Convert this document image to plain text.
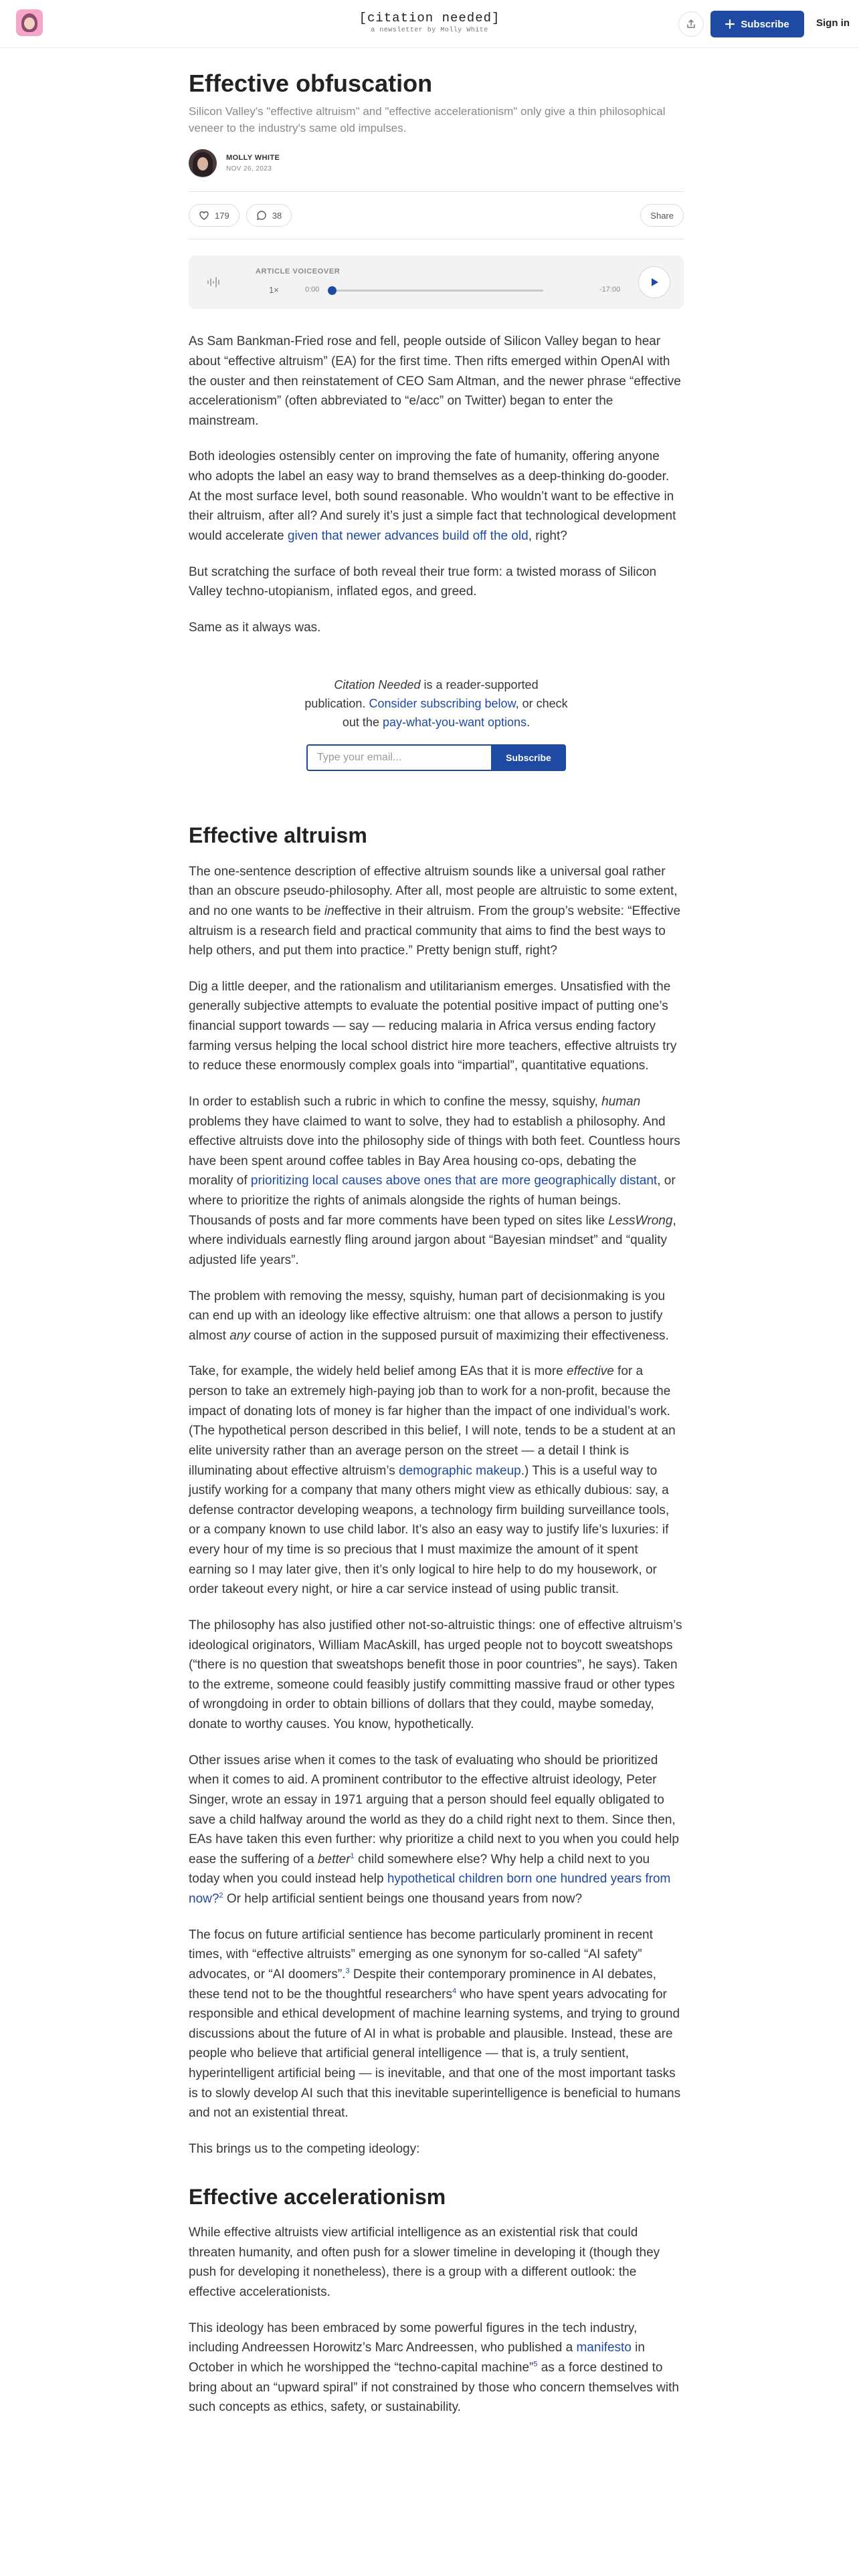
[citation needed]
a newsletter by Molly White
Subscribe	Sign in
Effective obfuscation
Silicon Valley's "effective altruism" and "effective accelerationism" only give a thin philosophical veneer to the industry's same old impulses.
MOLLY WHITE
NOV 26, 2023
179	38	Share
ARTICLE VOICEOVER
1×	0:00	-17:00
As Sam Bankman-Fried rose and fell, people outside of Silicon Valley began to hear about “effective altruism” (EA) for the first time. Then rifts emerged within OpenAI with the ouster and then reinstatement of CEO Sam Altman, and the newer phrase “effective accelerationism” (often abbreviated to “e/acc” on Twitter) began to enter the mainstream.
Both ideologies ostensibly center on improving the fate of humanity, offering anyone who adopts the label an easy way to brand themselves as a deep-thinking do-gooder. At the most surface level, both sound reasonable. Who wouldn’t want to be effective in their altruism, after all? And surely it’s just a simple fact that technological development would accelerate given that newer advances build off the old, right?
But scratching the surface of both reveal their true form: a twisted morass of Silicon Valley techno-utopianism, inflated egos, and greed.
Same as it always was.
Citation Needed is a reader-supported publication. Consider subscribing below, or check out the pay-what-you-want options.
Type your email...	Subscribe
Effective altruism
The one-sentence description of effective altruism sounds like a universal goal rather than an obscure pseudo-philosophy. After all, most people are altruistic to some extent, and no one wants to be ineffective in their altruism. From the group’s website: “Effective altruism is a research field and practical community that aims to find the best ways to help others, and put them into practice.” Pretty benign stuff, right?
Dig a little deeper, and the rationalism and utilitarianism emerges. Unsatisfied with the generally subjective attempts to evaluate the potential positive impact of putting one’s financial support towards — say — reducing malaria in Africa versus ending factory farming versus helping the local school district hire more teachers, effective altruists try to reduce these enormously complex goals into “impartial”, quantitative equations.
In order to establish such a rubric in which to confine the messy, squishy, human problems they have claimed to want to solve, they had to establish a philosophy. And effective altruists dove into the philosophy side of things with both feet. Countless hours have been spent around coffee tables in Bay Area housing co-ops, debating the morality of prioritizing local causes above ones that are more geographically distant, or where to prioritize the rights of animals alongside the rights of human beings. Thousands of posts and far more comments have been typed on sites like LessWrong, where individuals earnestly fling around jargon about “Bayesian mindset” and “quality adjusted life years”.
The problem with removing the messy, squishy, human part of decisionmaking is you can end up with an ideology like effective altruism: one that allows a person to justify almost any course of action in the supposed pursuit of maximizing their effectiveness.
Take, for example, the widely held belief among EAs that it is more effective for a person to take an extremely high-paying job than to work for a non-profit, because the impact of donating lots of money is far higher than the impact of one individual’s work. (The hypothetical person described in this belief, I will note, tends to be a student at an elite university rather than an average person on the street — a detail I think is illuminating about effective altruism’s demographic makeup.) This is a useful way to justify working for a company that many others might view as ethically dubious: say, a defense contractor developing weapons, a technology firm building surveillance tools, or a company known to use child labor. It’s also an easy way to justify life’s luxuries: if every hour of my time is so precious that I must maximize the amount of it spent earning so I may later give, then it’s only logical to hire help to do my housework, or order takeout every night, or hire a car service instead of using public transit.
The philosophy has also justified other not-so-altruistic things: one of effective altruism’s ideological originators, William MacAskill, has urged people not to boycott sweatshops (“there is no question that sweatshops benefit those in poor countries”, he says). Taken to the extreme, someone could feasibly justify committing massive fraud or other types of wrongdoing in order to obtain billions of dollars that they could, maybe someday, donate to worthy causes. You know, hypothetically.
Other issues arise when it comes to the task of evaluating who should be prioritized when it comes to aid. A prominent contributor to the effective altruist ideology, Peter Singer, wrote an essay in 1971 arguing that a person should feel equally obligated to save a child halfway around the world as they do a child right next to them. Since then, EAs have taken this even further: why prioritize a child next to you when you could help ease the suffering of a better$^1$ child somewhere else? Why help a child next to you today when you could instead help hypothetical children born one hundred years from now?$^2$ Or help artificial sentient beings one thousand years from now?
The focus on future artificial sentience has become particularly prominent in recent times, with “effective altruists” emerging as one synonym for so-called “AI safety” advocates, or “AI doomers”.$^3$ Despite their contemporary prominence in AI debates, these tend not to be the thoughtful researchers$^4$ who have spent years advocating for responsible and ethical development of machine learning systems, and trying to ground discussions about the future of AI in what is probable and plausible. Instead, these are people who believe that artificial general intelligence — that is, a truly sentient, hyperintelligent artificial being — is inevitable, and that one of the most important tasks is to slowly develop AI such that this inevitable superintelligence is beneficial to humans and not an existential threat.
This brings us to the competing ideology:
Effective accelerationism
While effective altruists view artificial intelligence as an existential risk that could threaten humanity, and often push for a slower timeline in developing it (though they push for developing it nonetheless), there is a group with a different outlook: the effective accelerationists.
This ideology has been embraced by some powerful figures in the tech industry, including Andreessen Horowitz’s Marc Andreessen, who published a manifesto in October in which he worshipped the “techno-capital machine”$^5$ as a force destined to bring about an “upward spiral” if not constrained by those who concern themselves with such concepts as ethics, safety, or sustainability.
